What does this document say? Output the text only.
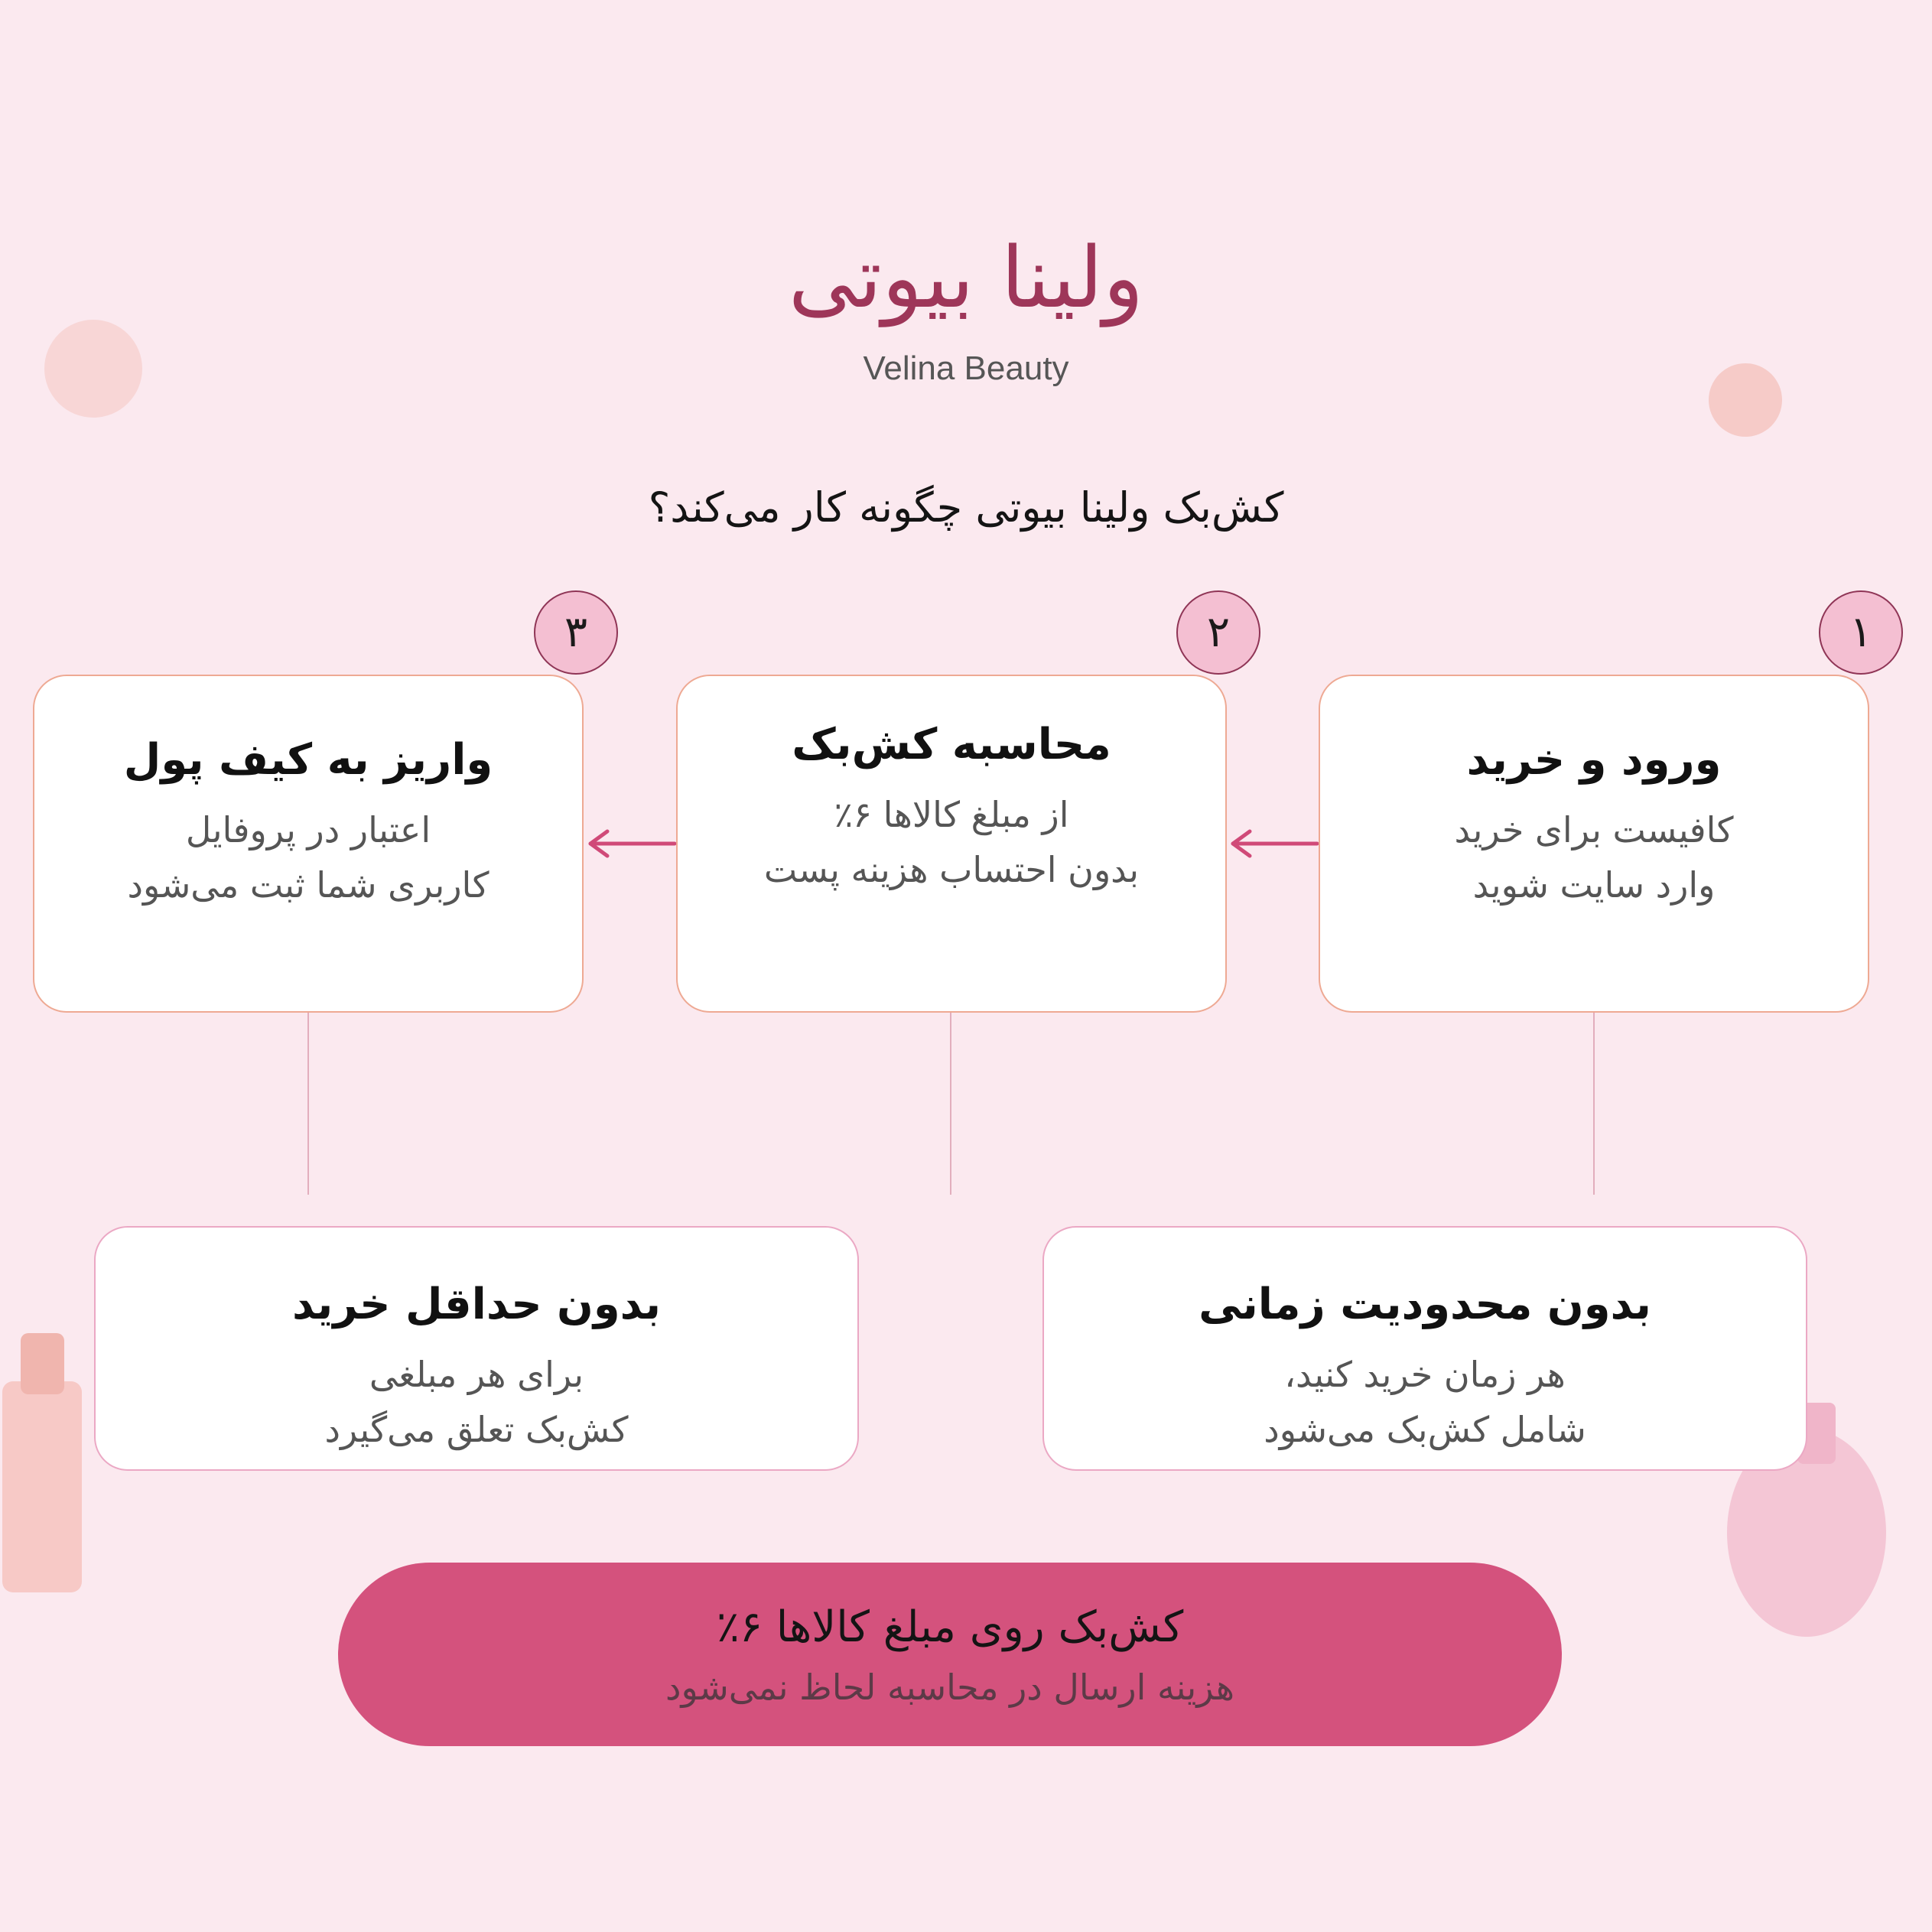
ولینا بیوتی
Velina Beauty
کش‌بک ولینا بیوتی چگونه کار می‌کند؟
ورود و خرید
کافیست برای خرید
وارد سایت شوید
۱
محاسبه کش‌بک
از مبلغ کالاها ۶٪
بدون احتساب هزینه پست
۲
واریز به کیف پول
اعتبار در پروفایل
کاربری شما ثبت می‌شود
۳
بدون محدودیت زمانی
هر زمان خرید کنید،
شامل کش‌بک می‌شود
بدون حداقل خرید
برای هر مبلغی
کش‌بک تعلق می‌گیرد
کش‌بک روی مبلغ کالاها ۶٪
هزینه ارسال در محاسبه لحاظ نمی‌شود
